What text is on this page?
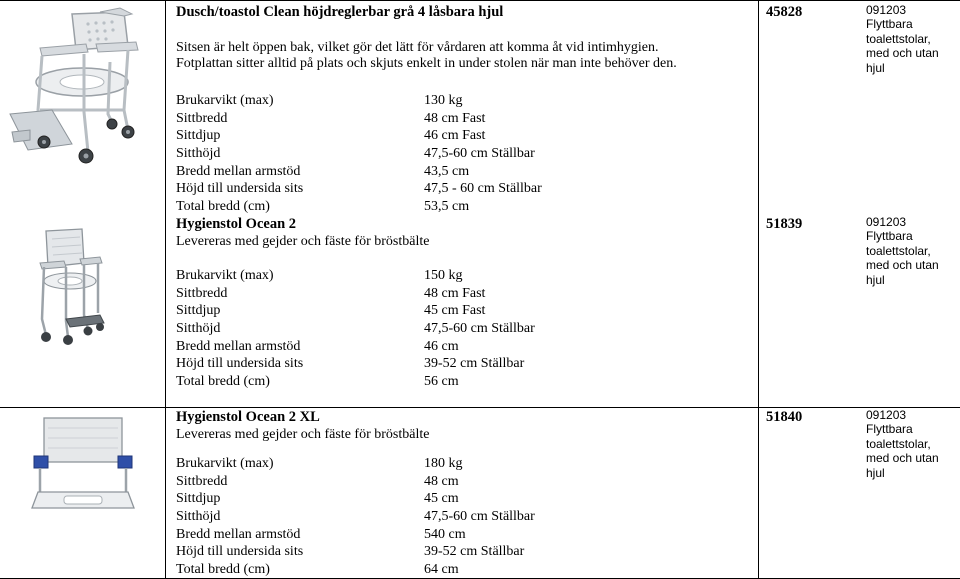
Dusch/toastol Clean höjdreglerbar grå 4 låsbara hjul
Sitsen är helt öppen bak, vilket gör det lätt för vårdaren att komma åt vid intimhygien.
Fotplattan sitter alltid på plats och skjuts enkelt in under stolen när man inte behöver den.
Brukarvikt (max)	130 kg
Sittbredd	48 cm Fast
Sittdjup	46 cm Fast
Sitthöjd	47,5-60 cm Ställbar
Bredd mellan armstöd	43,5 cm
Höjd till undersida sits	47,5 - 60 cm Ställbar
Total bredd (cm)	53,5 cm
45828	091203
Flyttbara
toalettstolar,
med och utan
hjul
Hygienstol Ocean 2
Levereras med gejder och fäste för bröstbälte
Brukarvikt (max)	150 kg
Sittbredd	48 cm Fast
Sittdjup	45 cm Fast
Sitthöjd	47,5-60 cm Ställbar
Bredd mellan armstöd	46 cm
Höjd till undersida sits	39-52 cm Ställbar
Total bredd (cm)	56 cm
51839	091203
Flyttbara
toalettstolar,
med och utan
hjul
Hygienstol Ocean 2 XL
Levereras med gejder och fäste för bröstbälte
Brukarvikt (max)	180 kg
Sittbredd	48 cm
Sittdjup	45 cm
Sitthöjd	47,5-60 cm Ställbar
Bredd mellan armstöd	540 cm
Höjd till undersida sits	39-52 cm Ställbar
Total bredd (cm)	64 cm
51840	091203
Flyttbara
toalettstolar,
med och utan
hjul
